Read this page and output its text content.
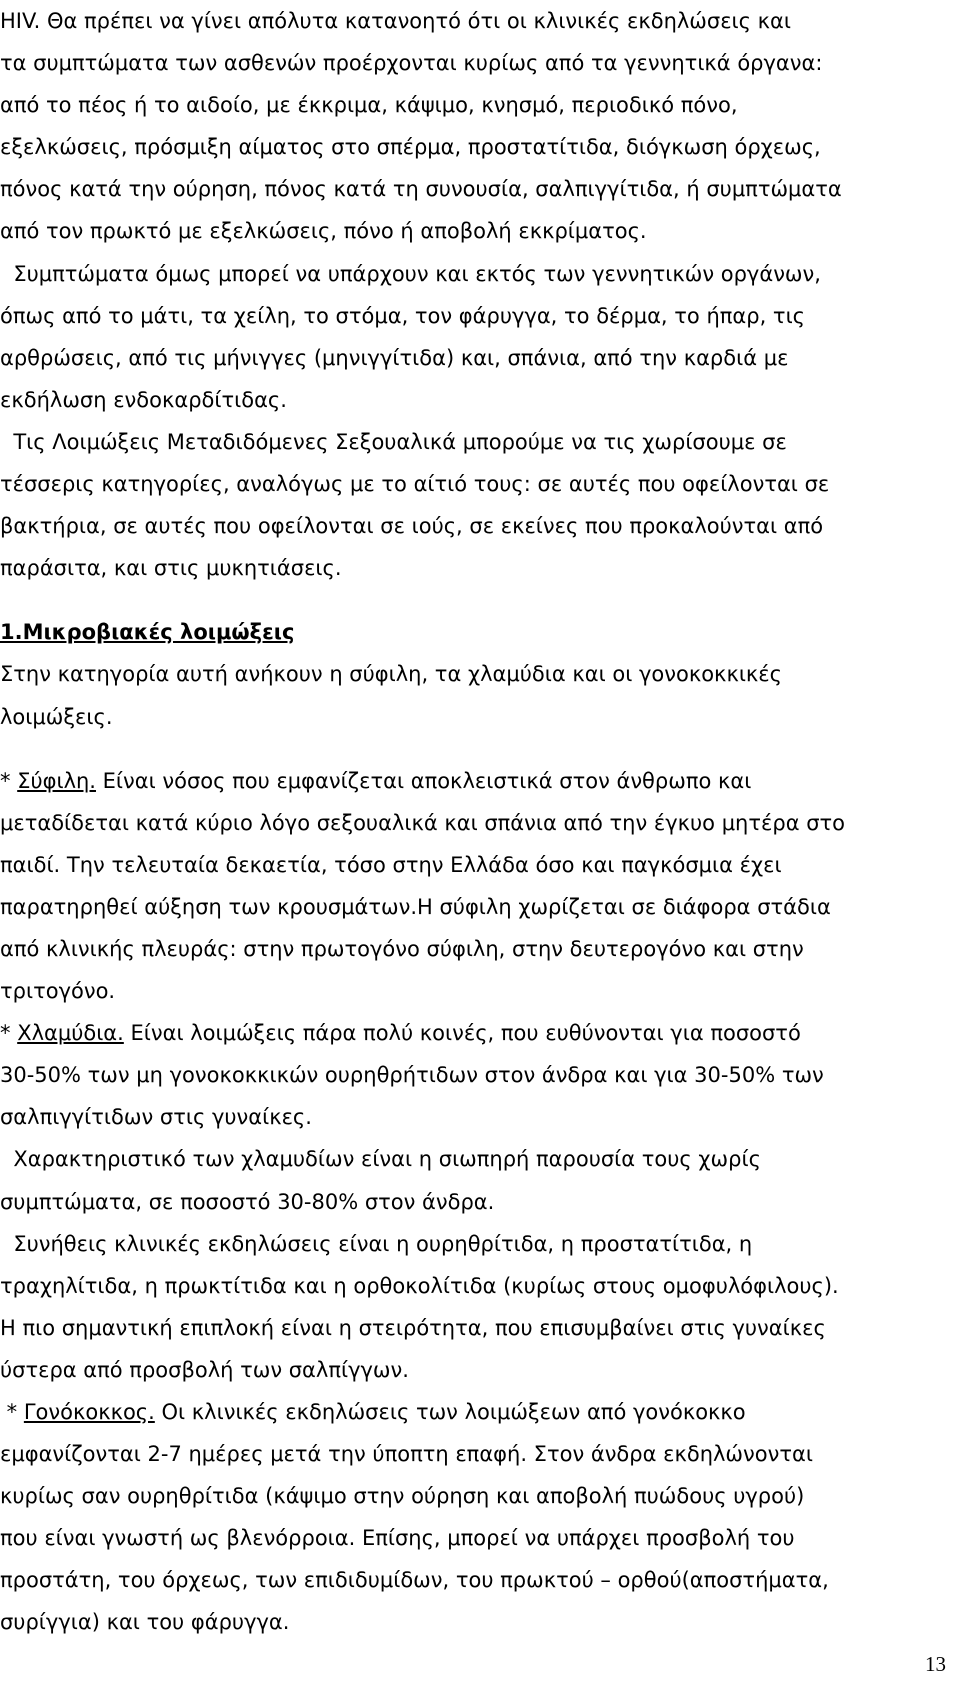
HIV. Θα πρέπει να γίνει απόλυτα κατανοητό ότι οι κλινικές εκδηλώσεις και
τα συμπτώματα των ασθενών προέρχονται κυρίως από τα γεννητικά όργανα:
από το πέος ή το αιδοίο, με έκκριμα, κάψιμο, κνησμό, περιοδικό πόνο,
εξελκώσεις, πρόσμιξη αίματος στο σπέρμα, προστατίτιδα, διόγκωση όρχεως,
πόνος κατά την ούρηση, πόνος κατά τη συνουσία, σαλπιγγίτιδα, ή συμπτώματα
από τον πρωκτό με εξελκώσεις, πόνο ή αποβολή εκκρίματος.
Συμπτώματα όμως μπορεί να υπάρχουν και εκτός των γεννητικών οργάνων,
όπως από το μάτι, τα χείλη, το στόμα, τον φάρυγγα, το δέρμα, το ήπαρ, τις
αρθρώσεις, από τις μήνιγγες (μηνιγγίτιδα) και, σπάνια, από την καρδιά με
εκδήλωση ενδοκαρδίτιδας.
Τις Λοιμώξεις Μεταδιδόμενες Σεξουαλικά μπορούμε να τις χωρίσουμε σε
τέσσερις κατηγορίες, αναλόγως με το αίτιό τους: σε αυτές που οφείλονται σε
βακτήρια, σε αυτές που οφείλονται σε ιούς, σε εκείνες που προκαλούνται από
παράσιτα, και στις μυκητιάσεις.
1.Μικροβιακές λοιμώξεις
Στην κατηγορία αυτή ανήκουν η σύφιλη, τα χλαμύδια και οι γονοκοκκικές
λοιμώξεις.
* Σύφιλη. Είναι νόσος που εμφανίζεται αποκλειστικά στον άνθρωπο και
μεταδίδεται κατά κύριο λόγο σεξουαλικά και σπάνια από την έγκυο μητέρα στο
παιδί. Την τελευταία δεκαετία, τόσο στην Ελλάδα όσο και παγκόσμια έχει
παρατηρηθεί αύξηση των κρουσμάτων.Η σύφιλη χωρίζεται σε διάφορα στάδια
από κλινικής πλευράς: στην πρωτογόνο σύφιλη, στην δευτερογόνο και στην
τριτογόνο.
* Χλαμύδια. Είναι λοιμώξεις πάρα πολύ κοινές, που ευθύνονται για ποσοστό
30-50% των μη γονοκοκκικών ουρηθρήτιδων στον άνδρα και για 30-50% των
σαλπιγγίτιδων στις γυναίκες.
Χαρακτηριστικό των χλαμυδίων είναι η σιωπηρή παρουσία τους χωρίς
συμπτώματα, σε ποσοστό 30-80% στον άνδρα.
Συνήθεις κλινικές εκδηλώσεις είναι η ουρηθρίτιδα, η προστατίτιδα, η
τραχηλίτιδα, η πρωκτίτιδα και η ορθοκολίτιδα (κυρίως στους ομοφυλόφιλους).
Η πιο σημαντική επιπλοκή είναι η στειρότητα, που επισυμβαίνει στις γυναίκες
ύστερα από προσβολή των σαλπίγγων.
* Γονόκοκκος. Οι κλινικές εκδηλώσεις των λοιμώξεων από γονόκοκκο
εμφανίζονται 2-7 ημέρες μετά την ύποπτη επαφή. Στον άνδρα εκδηλώνονται
κυρίως σαν ουρηθρίτιδα (κάψιμο στην ούρηση και αποβολή πυώδους υγρού)
που είναι γνωστή ως βλενόρροια. Επίσης, μπορεί να υπάρχει προσβολή του
προστάτη, του όρχεως, των επιδιδυμίδων, του πρωκτού – ορθού(αποστήματα,
συρίγγια) και του φάρυγγα.
13
